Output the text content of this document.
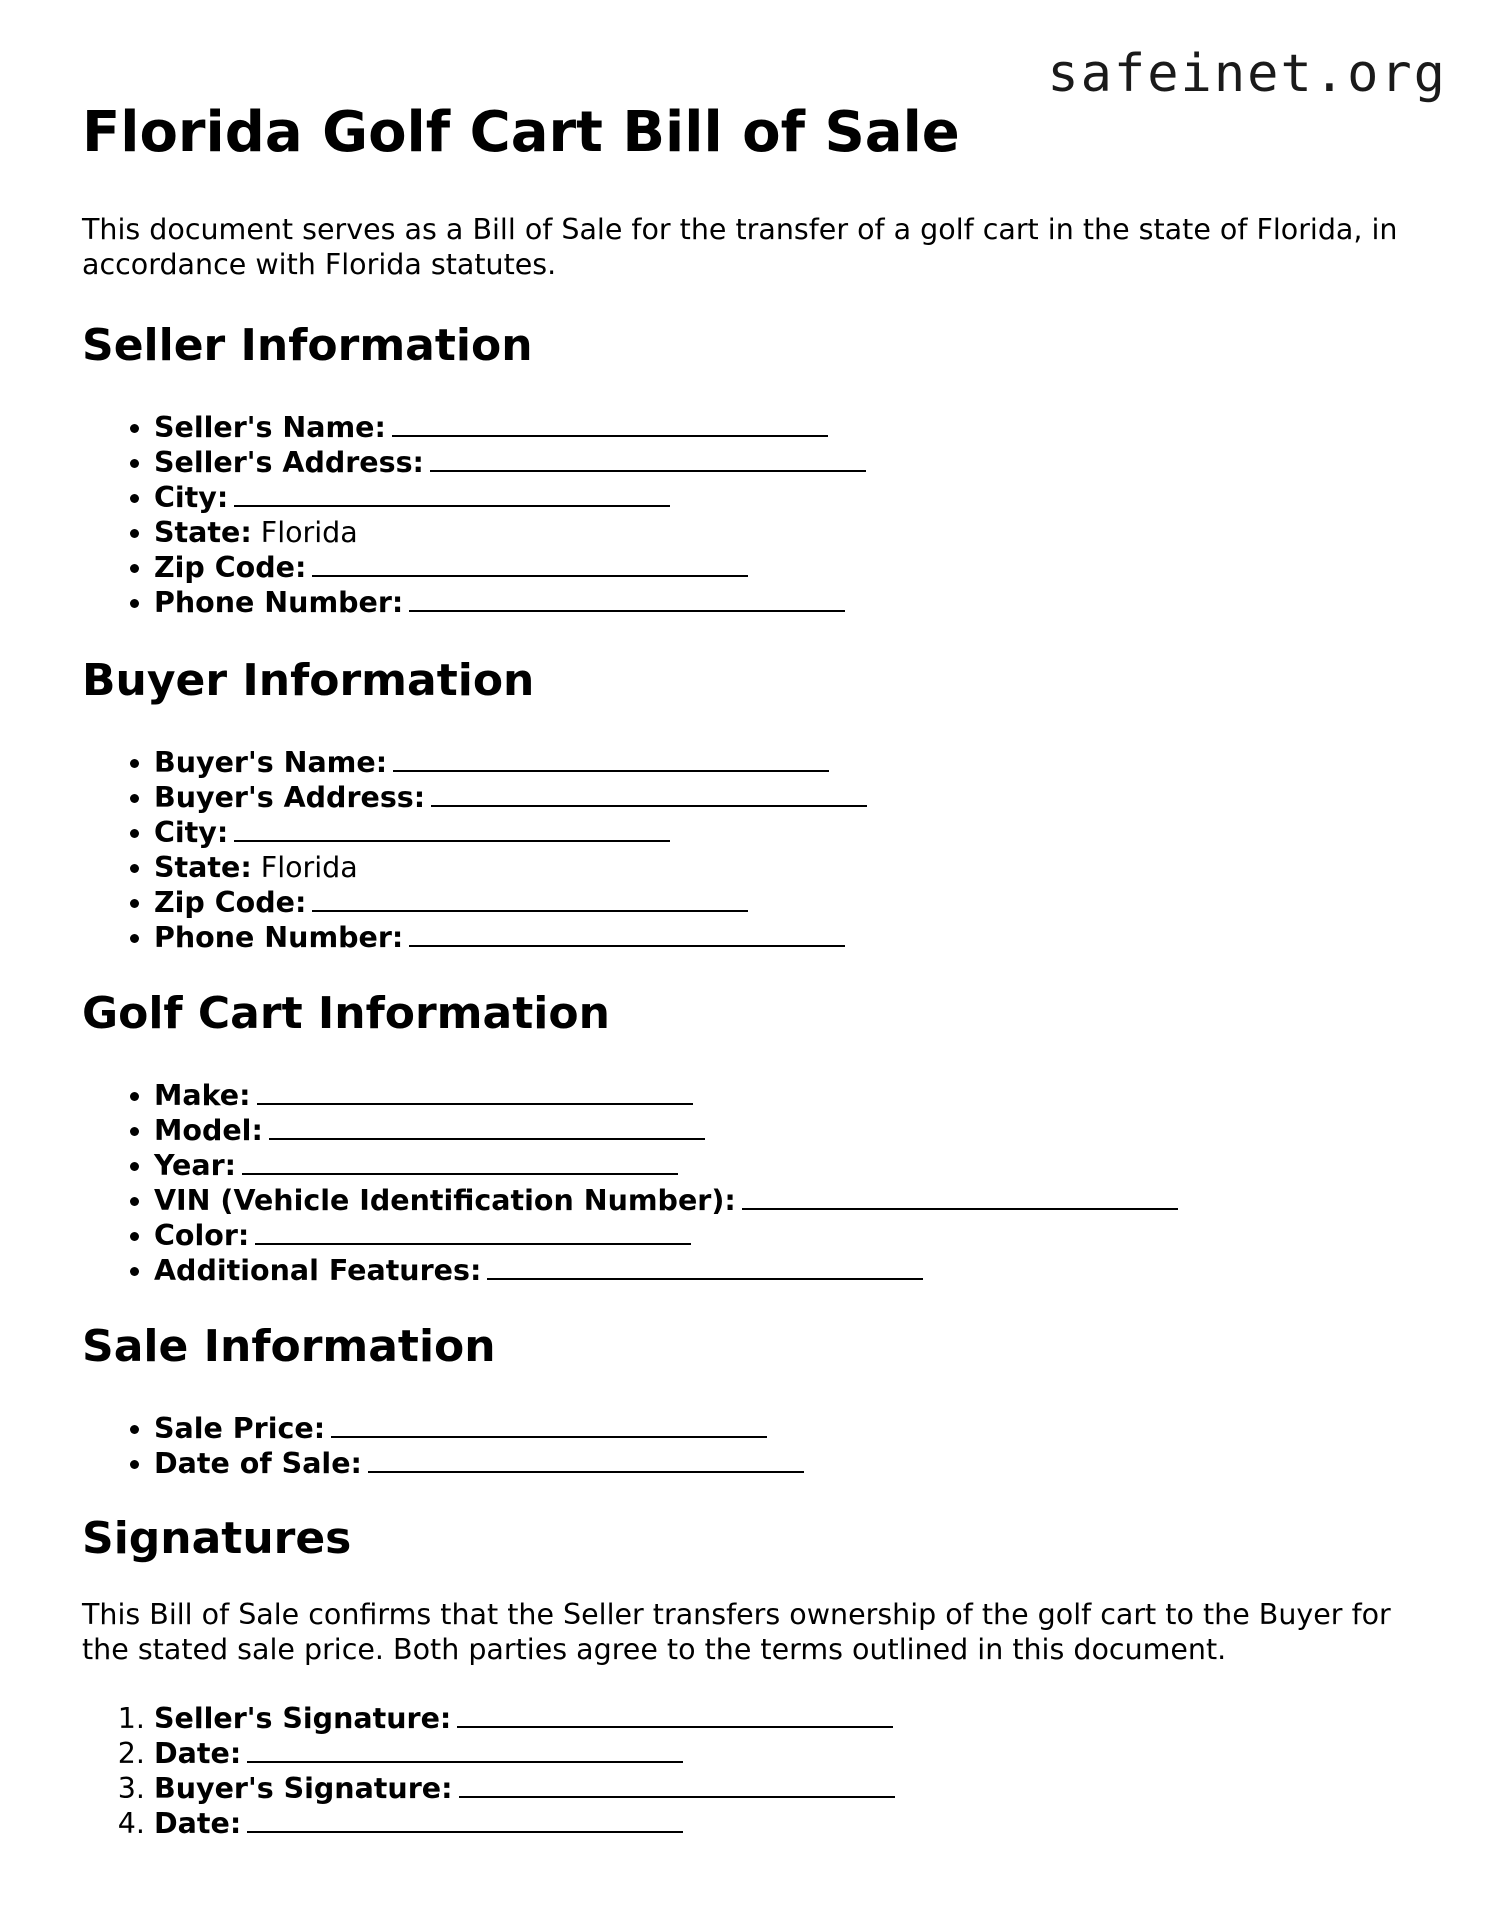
safeinet.org
Florida Golf Cart Bill of Sale

This document serves as a Bill of Sale for the transfer of a golf cart in the state of Florida, in accordance with Florida statutes.

Seller Information
• Seller's Name:
• Seller's Address:
• City:
• State: Florida
• Zip Code:
• Phone Number:
Buyer Information
• Buyer's Name:
• Buyer's Address:
• City:
• State: Florida
• Zip Code:
• Phone Number:
Golf Cart Information
• Make:
• Model:
• Year:
• VIN (Vehicle Identification Number):
• Color:
• Additional Features:
Sale Information
• Sale Price:
• Date of Sale:
Signatures

This Bill of Sale confirms that the Seller transfers ownership of the golf cart to the Buyer for the stated sale price. Both parties agree to the terms outlined in this document.

1. Seller's Signature:
2. Date:
3. Buyer's Signature:
4. Date:
